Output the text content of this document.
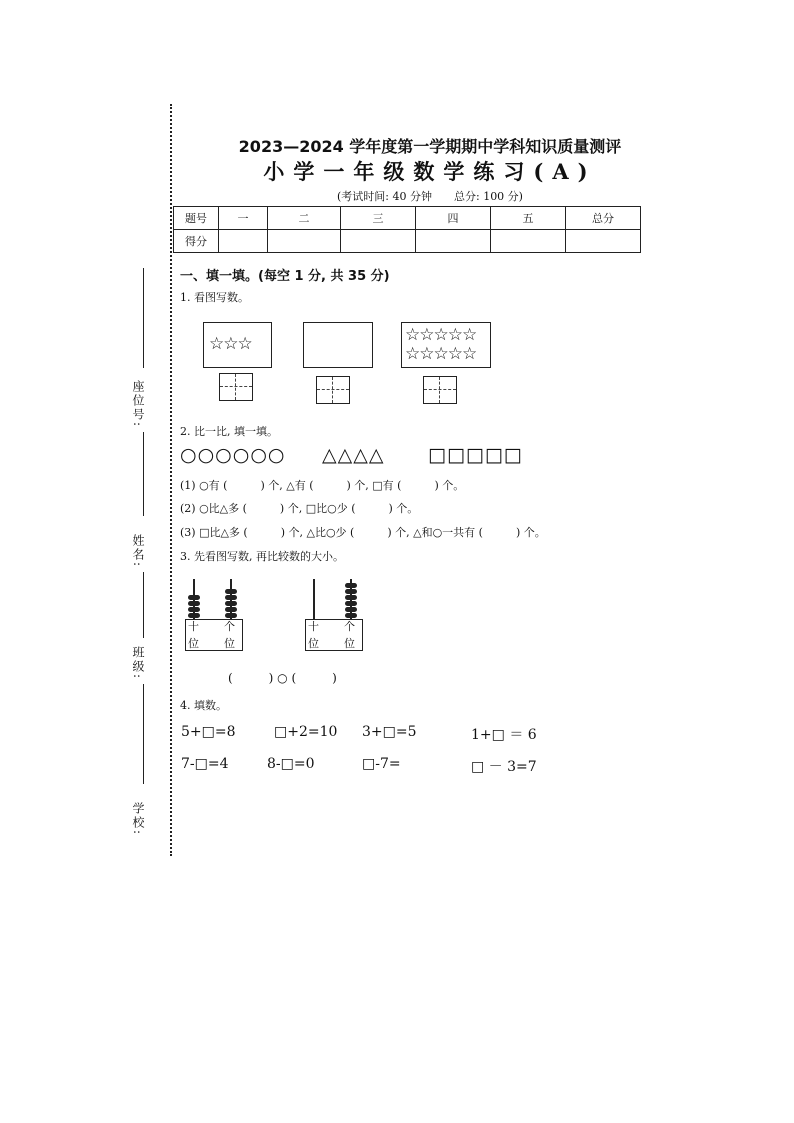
座位号:
姓名:
班级:
学校:
2023—2024 学年度第一学期期中学科知识质量测评
小学一年级数学练习(A)
(考试时间: 40 分钟　　总分: 100 分)
题号	一	二	三	四	五	总分
得分						
一、填一填。(每空 1 分, 共 35 分)
1. 看图写数。
☆☆☆	☆☆☆☆☆
☆☆☆☆☆
2. 比一比, 填一填。
○○○○○○ △△△△ □□□□□
(1) ○有 (　　　) 个, △有 (　　　) 个, □有 (　　　) 个。
(2) ○比△多 (　　　) 个, □比○少 (　　　) 个。
(3) □比△多 (　　　) 个, △比○少 (　　　) 个, △和○一共有 (　　　) 个。
3. 先看图写数, 再比较数的大小。
十 个
位 位
十 个
位 位
(　　　) ○ (　　　)
4. 填数。
5+□=8	□+2=10 3+□=5	1+□ ＝ 6
7-□=4	8-□=0	□-7=	□ － 3=7
